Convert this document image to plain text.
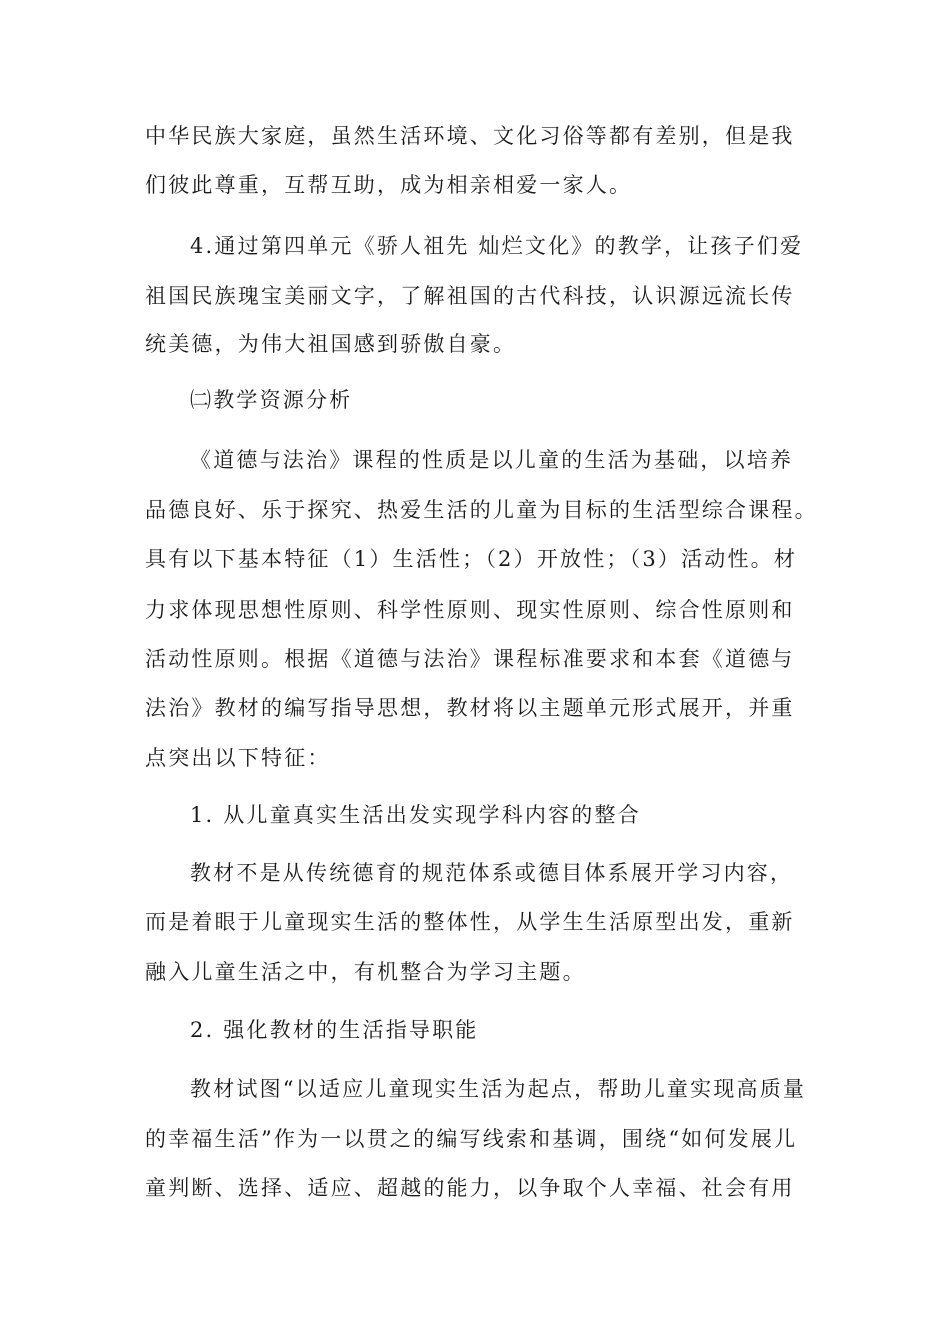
中华民族大家庭，虽然生活环境、文化习俗等都有差别，但是我
们彼此尊重，互帮互助，成为相亲相爱一家人。
4.通过第四单元《骄人祖先 灿烂文化》的教学，让孩子们爱
祖国民族瑰宝美丽文字，了解祖国的古代科技，认识源远流长传
统美德，为伟大祖国感到骄傲自豪。
㈡教学资源分析
《道德与法治》课程的性质是以儿童的生活为基础，以培养
品德良好、乐于探究、热爱生活的儿童为目标的生活型综合课程。
具有以下基本特征（1）生活性；（2）开放性；（3）活动性。材
力求体现思想性原则、科学性原则、现实性原则、综合性原则和
活动性原则。根据《道德与法治》课程标准要求和本套《道德与
法治》教材的编写指导思想，教材将以主题单元形式展开，并重
点突出以下特征：
1. 从儿童真实生活出发实现学科内容的整合
教材不是从传统德育的规范体系或德目体系展开学习内容，
而是着眼于儿童现实生活的整体性，从学生生活原型出发，重新
融入儿童生活之中，有机整合为学习主题。
2. 强化教材的生活指导职能
教材试图“以适应儿童现实生活为起点，帮助儿童实现高质量
的幸福生活”作为一以贯之的编写线索和基调，围绕“如何发展儿
童判断、选择、适应、超越的能力，以争取个人幸福、社会有用
